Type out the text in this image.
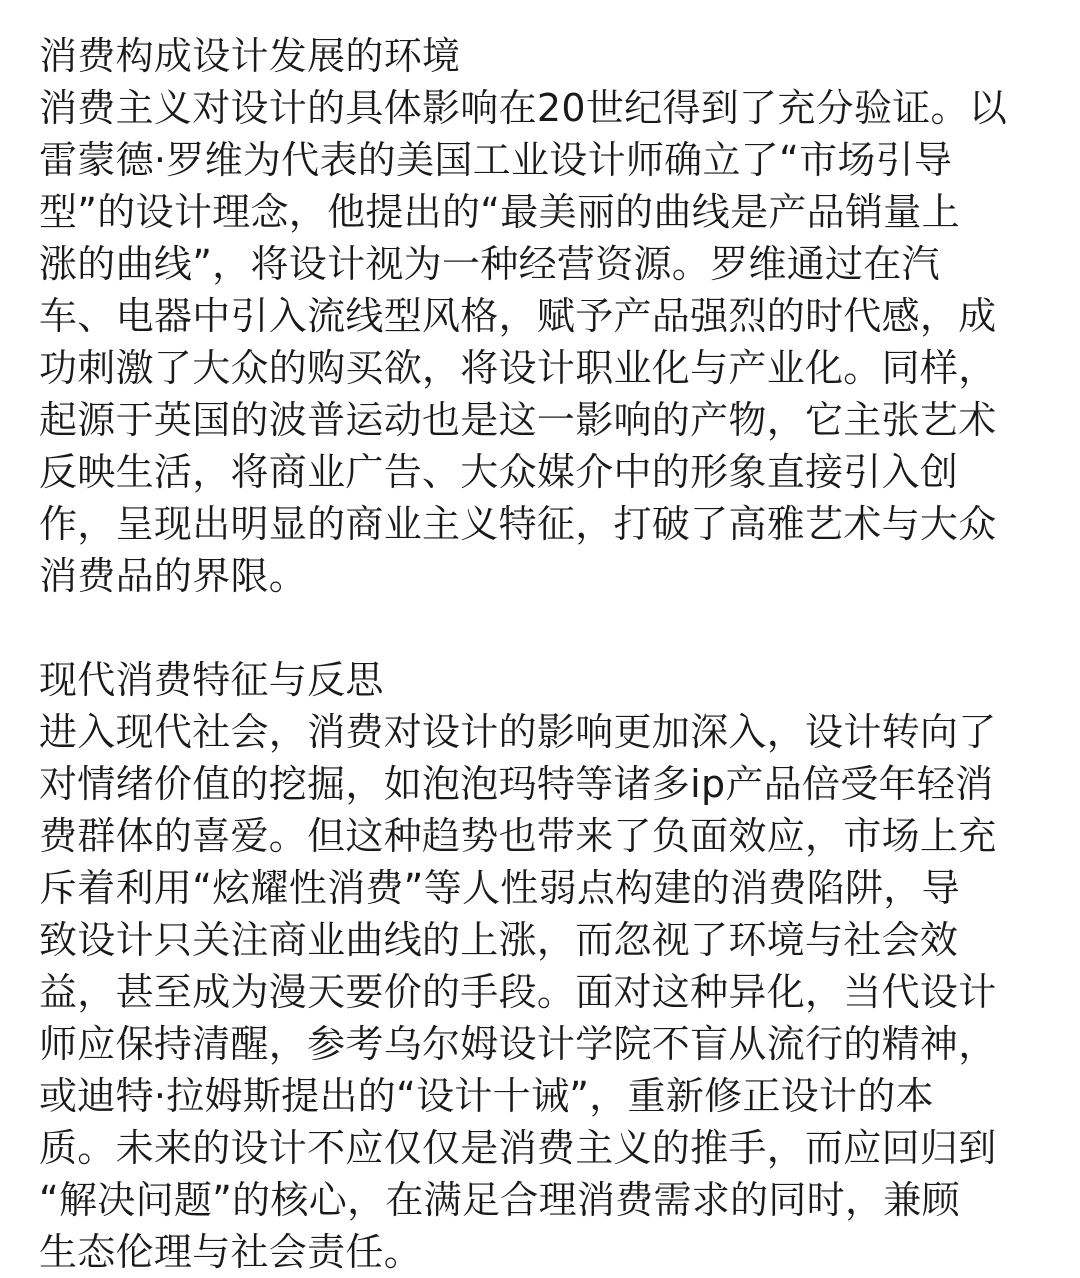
消费构成设计发展的环境
消费主义对设计的具体影响在20世纪得到了充分验证。以
雷蒙德·罗维为代表的美国工业设计师确立了“市场引导
型”的设计理念，他提出的“最美丽的曲线是产品销量上
涨的曲线”，将设计视为一种经营资源。罗维通过在汽
车、电器中引入流线型风格，赋予产品强烈的时代感，成
功刺激了大众的购买欲，将设计职业化与产业化。同样，
起源于英国的波普运动也是这一影响的产物，它主张艺术
反映生活，将商业广告、大众媒介中的形象直接引入创
作，呈现出明显的商业主义特征，打破了高雅艺术与大众
消费品的界限。
现代消费特征与反思
进入现代社会，消费对设计的影响更加深入，设计转向了
对情绪价值的挖掘，如泡泡玛特等诸多ip产品倍受年轻消
费群体的喜爱。但这种趋势也带来了负面效应，市场上充
斥着利用“炫耀性消费”等人性弱点构建的消费陷阱，导
致设计只关注商业曲线的上涨，而忽视了环境与社会效
益，甚至成为漫天要价的手段。面对这种异化，当代设计
师应保持清醒，参考乌尔姆设计学院不盲从流行的精神，
或迪特·拉姆斯提出的“设计十诫”，重新修正设计的本
质。未来的设计不应仅仅是消费主义的推手，而应回归到
“解决问题”的核心，在满足合理消费需求的同时，兼顾
生态伦理与社会责任。
